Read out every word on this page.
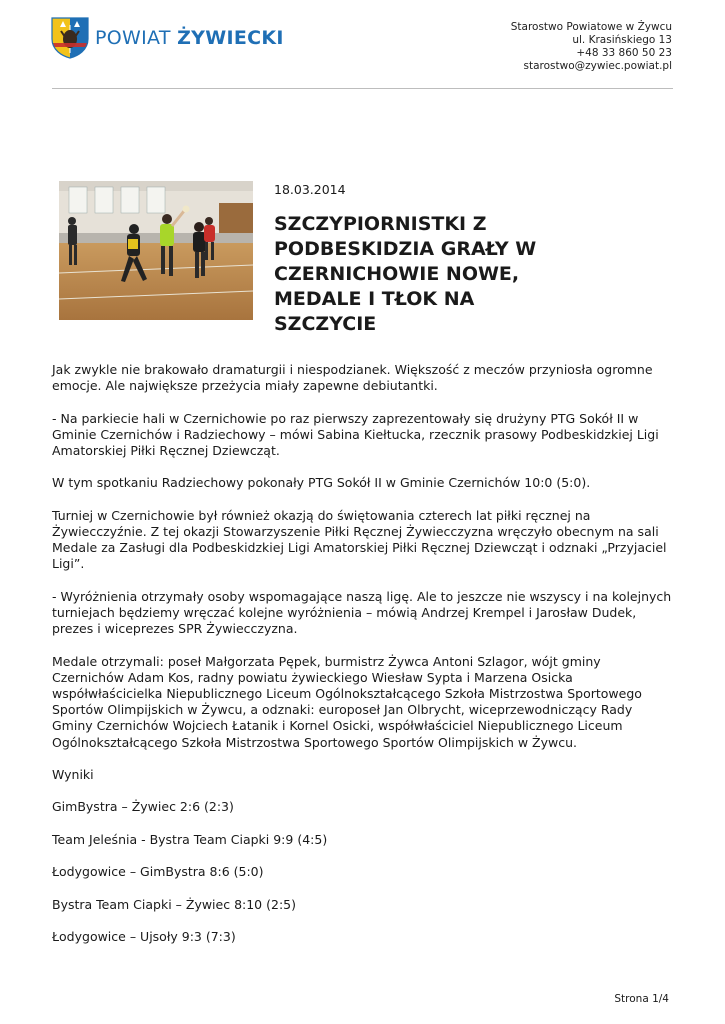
POWIAT ŻYWIECKI	Starostwo Powiatowe w Żywcu
ul. Krasińskiego 13
+48 33 860 50 23
starostwo@zywiec.powiat.pl
18.03.2014
SZCZYPIORNISTKI Z PODBESKIDZIA GRAŁY W CZERNICHOWIE NOWE, MEDALE I TŁOK NA SZCZYCIE

Jak zwykle nie brakowało dramaturgii i niespodzianek. Większość z meczów przyniosła ogromne emocje. Ale największe przeżycia miały zapewne debiutantki.

- Na parkiecie hali w Czernichowie po raz pierwszy zaprezentowały się drużyny PTG Sokół II w Gminie Czernichów i Radziechowy – mówi Sabina Kiełtucka, rzecznik prasowy Podbeskidzkiej Ligi Amatorskiej Piłki Ręcznej Dziewcząt.

W tym spotkaniu Radziechowy pokonały PTG Sokół II w Gminie Czernichów 10:0 (5:0).

Turniej w Czernichowie był również okazją do świętowania czterech lat piłki ręcznej na Żywiecczyźnie. Z tej okazji Stowarzyszenie Piłki Ręcznej Żywiecczyzna wręczyło obecnym na sali Medale za Zasługi dla Podbeskidzkiej Ligi Amatorskiej Piłki Ręcznej Dziewcząt i odznaki „Przyjaciel Ligi”.

- Wyróżnienia otrzymały osoby wspomagające naszą ligę. Ale to jeszcze nie wszyscy i na kolejnych turniejach będziemy wręczać kolejne wyróżnienia – mówią Andrzej Krempel i Jarosław Dudek, prezes i wiceprezes SPR Żywiecczyzna.

Medale otrzymali: poseł Małgorzata Pępek, burmistrz Żywca Antoni Szlagor, wójt gminy Czernichów Adam Kos, radny powiatu żywieckiego Wiesław Sypta i Marzena Osicka współwłaścicielka Niepublicznego Liceum Ogólnokształcącego Szkoła Mistrzostwa Sportowego Sportów Olimpijskich w Żywcu, a odznaki: europoseł Jan Olbrycht, wiceprzewodniczący Rady Gminy Czernichów Wojciech Łatanik i Kornel Osicki, współwłaściciel Niepublicznego Liceum Ogólnokształcącego Szkoła Mistrzostwa Sportowego Sportów Olimpijskich w Żywcu.

Wyniki

GimBystra – Żywiec 2:6 (2:3)

Team Jeleśnia - Bystra Team Ciapki 9:9 (4:5)

Łodygowice – GimBystra 8:6 (5:0)

Bystra Team Ciapki – Żywiec 8:10 (2:5)

Łodygowice – Ujsoły 9:3 (7:3)

Strona 1/4
